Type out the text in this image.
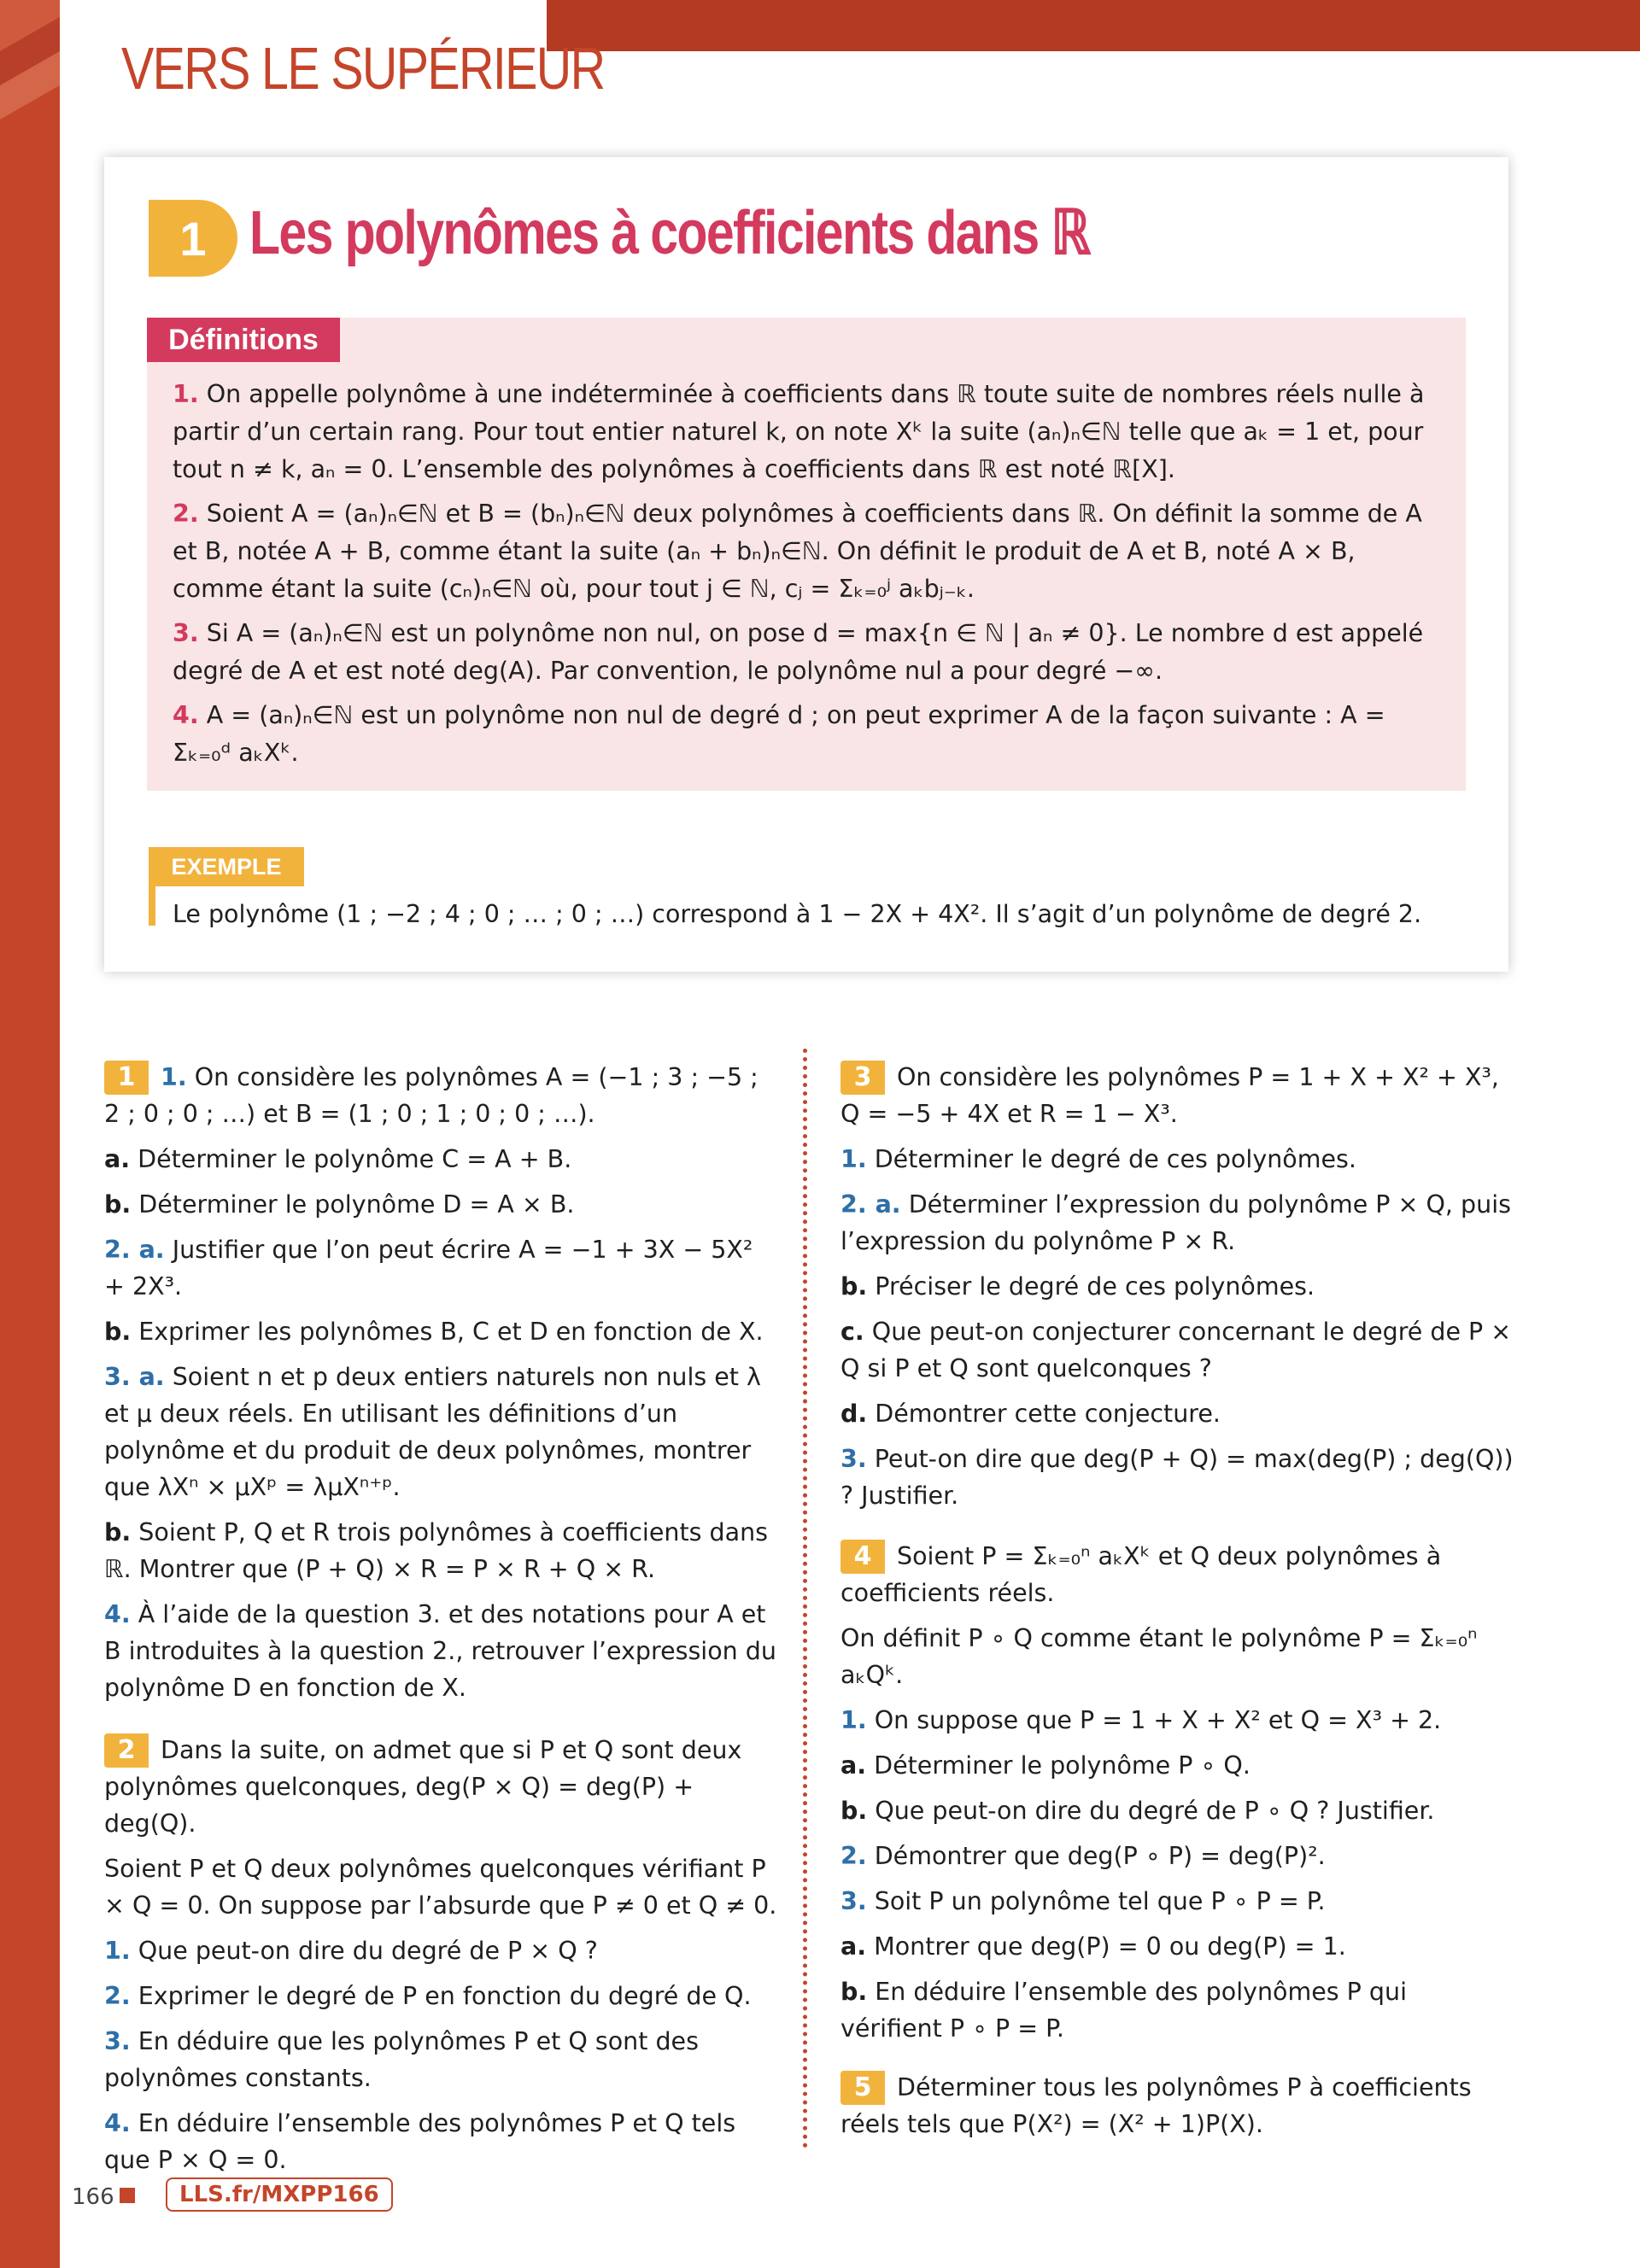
VERS LE SUPÉRIEUR
1 Les polynômes à coefficients dans ℝ
Définitions

1. On appelle polynôme à une indéterminée à coefficients dans ℝ toute suite de nombres réels nulle à partir d’un certain rang. Pour tout entier naturel k, on note Xᵏ la suite (aₙ)ₙ∈ℕ telle que aₖ = 1 et, pour tout n ≠ k, aₙ = 0. L’ensemble des polynômes à coefficients dans ℝ est noté ℝ[X].

2. Soient A = (aₙ)ₙ∈ℕ et B = (bₙ)ₙ∈ℕ deux polynômes à coefficients dans ℝ. On définit la somme de A et B, notée A + B, comme étant la suite (aₙ + bₙ)ₙ∈ℕ. On définit le produit de A et B, noté A × B, comme étant la suite (cₙ)ₙ∈ℕ où, pour tout j ∈ ℕ, cⱼ = Σₖ₌₀ʲ aₖbⱼ₋ₖ.

3. Si A = (aₙ)ₙ∈ℕ est un polynôme non nul, on pose d = max{n ∈ ℕ | aₙ ≠ 0}. Le nombre d est appelé degré de A et est noté deg(A). Par convention, le polynôme nul a pour degré −∞.

4. A = (aₙ)ₙ∈ℕ est un polynôme non nul de degré d ; on peut exprimer A de la façon suivante : A = Σₖ₌₀ᵈ aₖXᵏ.

EXEMPLE
Le polynôme (1 ; −2 ; 4 ; 0 ; … ; 0 ; …) correspond à 1 − 2X + 4X². Il s’agit d’un polynôme de degré 2.

1 1. On considère les polynômes A = (−1 ; 3 ; −5 ; 2 ; 0 ; 0 ; …) et B = (1 ; 0 ; 1 ; 0 ; 0 ; …).

a. Déterminer le polynôme C = A + B.

b. Déterminer le polynôme D = A × B.

2. a. Justifier que l’on peut écrire A = −1 + 3X − 5X² + 2X³.

b. Exprimer les polynômes B, C et D en fonction de X.

3. a. Soient n et p deux entiers naturels non nuls et λ et μ deux réels. En utilisant les définitions d’un polynôme et du produit de deux polynômes, montrer que λXⁿ × μXᵖ = λμXⁿ⁺ᵖ.

b. Soient P, Q et R trois polynômes à coefficients dans ℝ. Montrer que (P + Q) × R = P × R + Q × R.

4. À l’aide de la question 3. et des notations pour A et B introduites à la question 2., retrouver l’expression du polynôme D en fonction de X.

2 Dans la suite, on admet que si P et Q sont deux polynômes quelconques, deg(P × Q) = deg(P) + deg(Q).

Soient P et Q deux polynômes quelconques vérifiant P × Q = 0. On suppose par l’absurde que P ≠ 0 et Q ≠ 0.

1. Que peut-on dire du degré de P × Q ?

2. Exprimer le degré de P en fonction du degré de Q.

3. En déduire que les polynômes P et Q sont des polynômes constants.

4. En déduire l’ensemble des polynômes P et Q tels que P × Q = 0.

3 On considère les polynômes P = 1 + X + X² + X³, Q = −5 + 4X et R = 1 − X³.

1. Déterminer le degré de ces polynômes.

2. a. Déterminer l’expression du polynôme P × Q, puis l’expression du polynôme P × R.

b. Préciser le degré de ces polynômes.

c. Que peut-on conjecturer concernant le degré de P × Q si P et Q sont quelconques ?

d. Démontrer cette conjecture.

3. Peut-on dire que deg(P + Q) = max(deg(P) ; deg(Q)) ? Justifier.

4 Soient P = Σₖ₌₀ⁿ aₖXᵏ et Q deux polynômes à coefficients réels.

On définit P ∘ Q comme étant le polynôme P = Σₖ₌₀ⁿ aₖQᵏ.

1. On suppose que P = 1 + X + X² et Q = X³ + 2.

a. Déterminer le polynôme P ∘ Q.

b. Que peut-on dire du degré de P ∘ Q ? Justifier.

2. Démontrer que deg(P ∘ P) = deg(P)².

3. Soit P un polynôme tel que P ∘ P = P.

a. Montrer que deg(P) = 0 ou deg(P) = 1.

b. En déduire l’ensemble des polynômes P qui vérifient P ∘ P = P.

5 Déterminer tous les polynômes P à coefficients réels tels que P(X²) = (X² + 1)P(X).

166	LLS.fr/MXPP166
